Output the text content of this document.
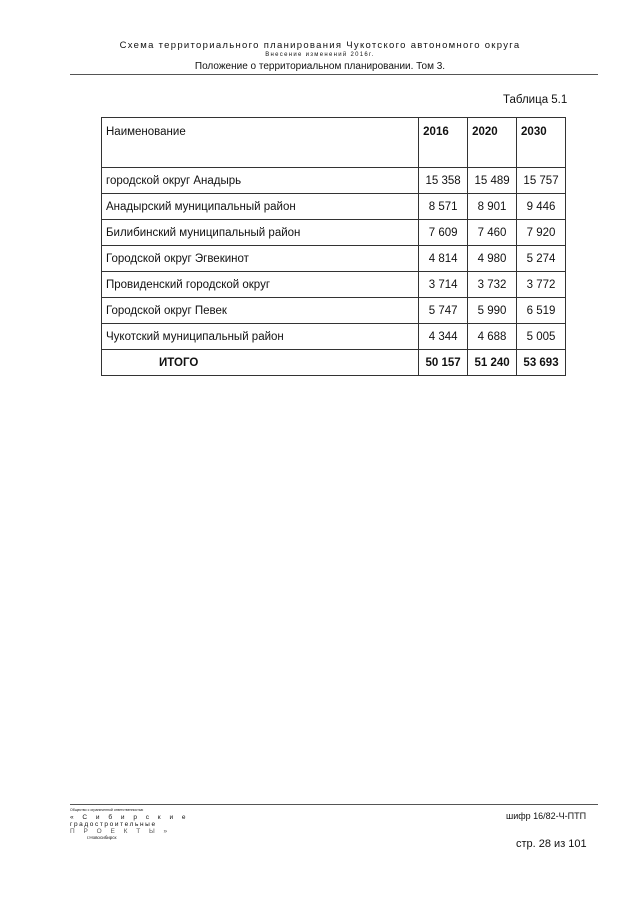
Схема территориального планирования Чукотского автономного округа
Внесение изменений 2016г.
Положение о территориальном планировании. Том 3.
Таблица 5.1
Наименование	2016	2020	2030
городской округ Анадырь	15 358	15 489	15 757
Анадырский муниципальный район	8 571	8 901	9 446
Билибинский муниципальный район	7 609	7 460	7 920
Городской округ Эгвекинот	4 814	4 980	5 274
Провиденский городской округ	3 714	3 732	3 772
Городской округ Певек	5 747	5 990	6 519
Чукотский муниципальный район	4 344	4 688	5 005
ИТОГО	50 157	51 240	53 693
Общество с ограниченной ответственностью
« С и б и р с к и е
градостроительные
П Р О Е К Т Ы »
г.Новосибирск
шифр 16/82-Ч-ПТП
стр. 28 из 101
